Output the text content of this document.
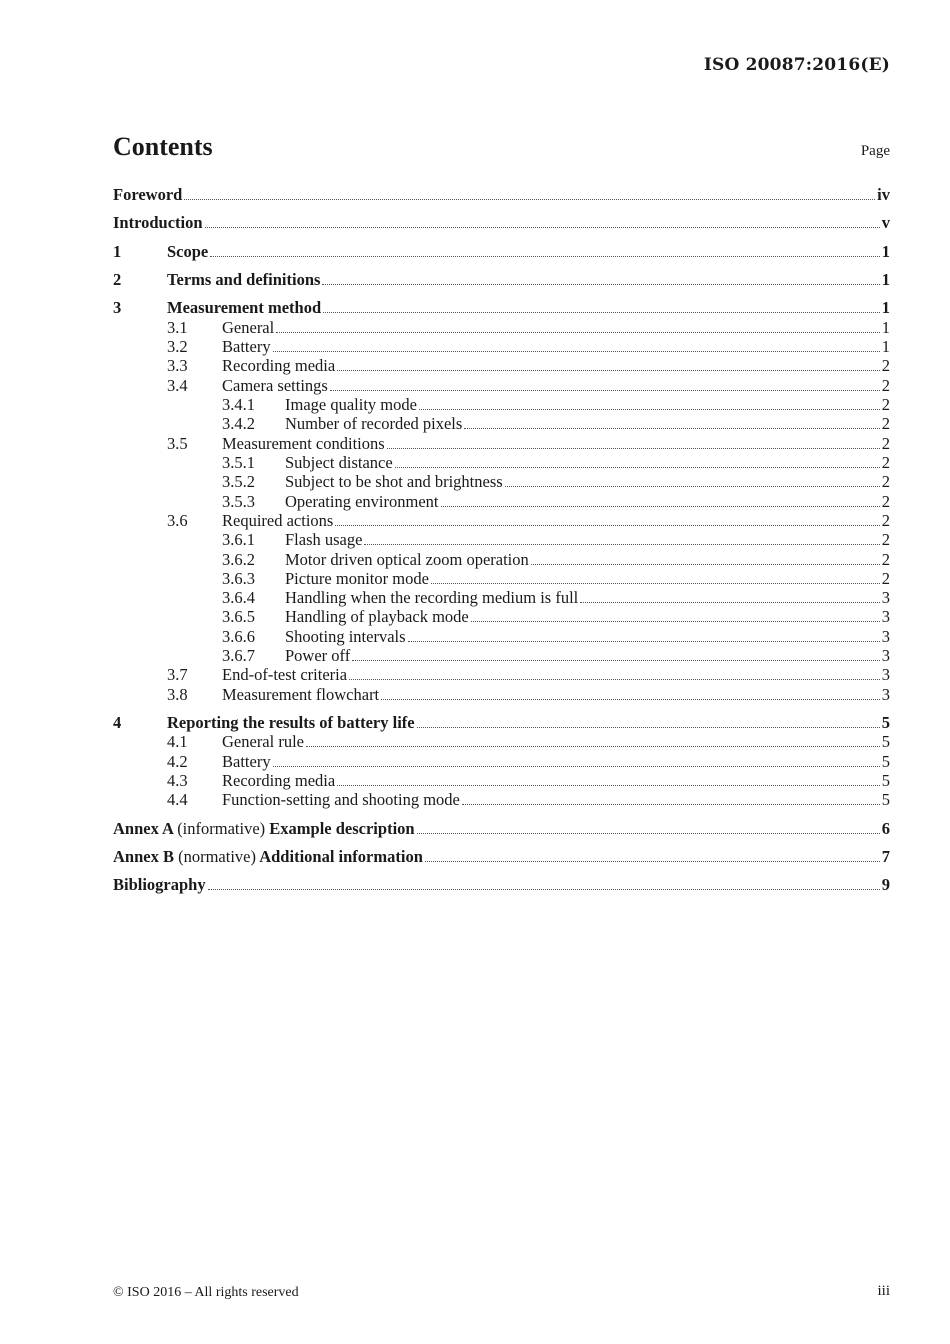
ISO 20087:2016(E)
Contents	Page
Foreword	iv
Introduction	v
1	Scope	1
2	Terms and definitions	1
3	Measurement method	1
3.1	General	1
3.2	Battery	1
3.3	Recording media	2
3.4	Camera settings	2
3.4.1	Image quality mode	2
3.4.2	Number of recorded pixels	2
3.5	Measurement conditions	2
3.5.1	Subject distance	2
3.5.2	Subject to be shot and brightness	2
3.5.3	Operating environment	2
3.6	Required actions	2
3.6.1	Flash usage	2
3.6.2	Motor driven optical zoom operation	2
3.6.3	Picture monitor mode	2
3.6.4	Handling when the recording medium is full	3
3.6.5	Handling of playback mode	3
3.6.6	Shooting intervals	3
3.6.7	Power off	3
3.7	End-of-test criteria	3
3.8	Measurement flowchart	3
4	Reporting the results of battery life	5
4.1	General rule	5
4.2	Battery	5
4.3	Recording media	5
4.4	Function-setting and shooting mode	5
Annex A (informative) Example description	6
Annex B (normative) Additional information	7
Bibliography	9
© ISO 2016 – All rights reserved	iii
